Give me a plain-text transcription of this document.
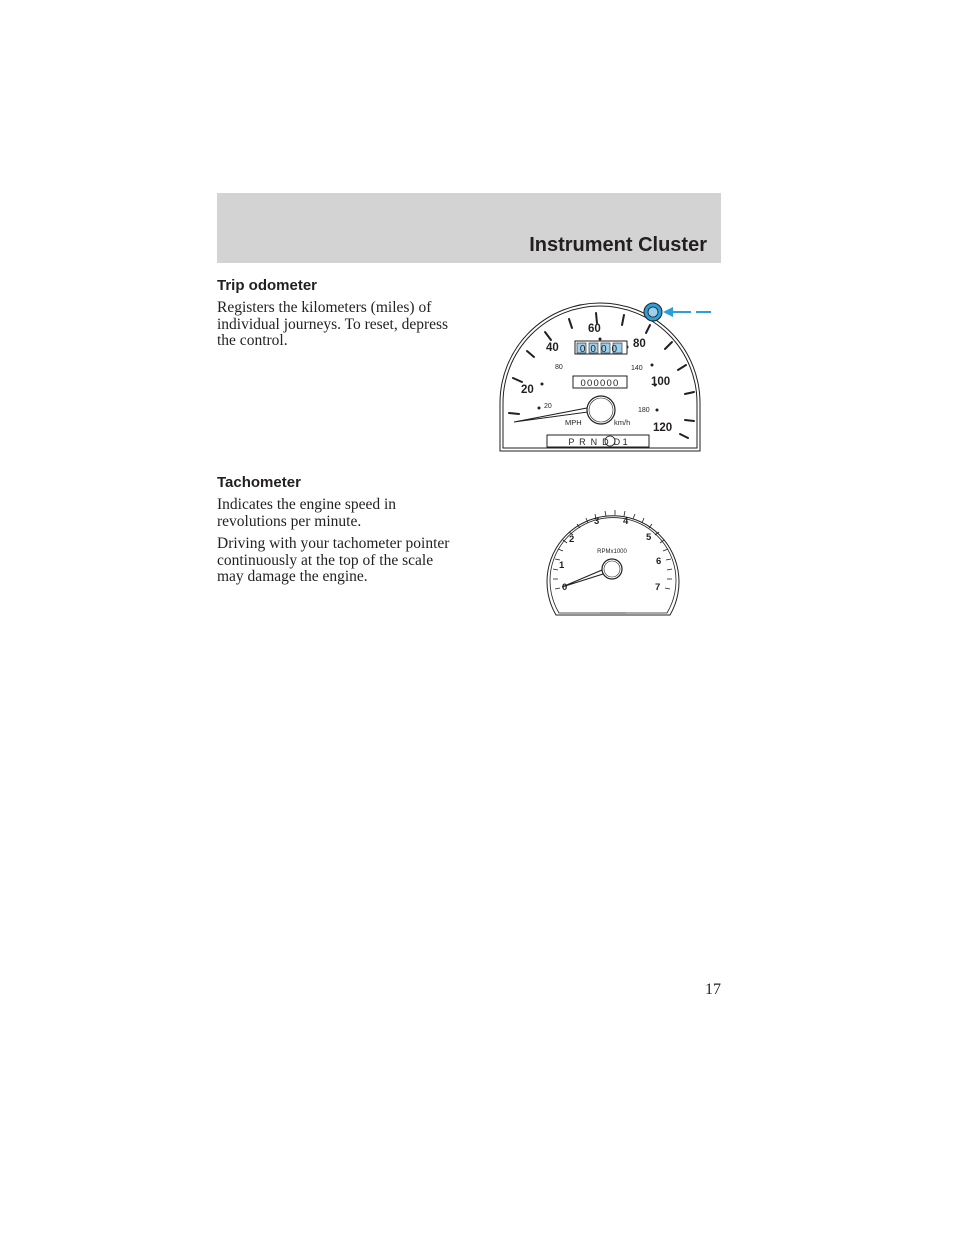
Instrument Cluster
Trip odometer

Registers the kilometers (miles) of individual journeys. To reset, depress the control.

20
40
60
80
100
120
20
80	140
180
0000
000000
MPH	km/h
P  R  N  D  D 1
Tachometer

Indicates the engine speed in revolutions per minute.

Driving with your tachometer pointer continuously at the top of the scale may damage the engine.

0
1
2
3 4
5
6
7
RPMx1000
17
